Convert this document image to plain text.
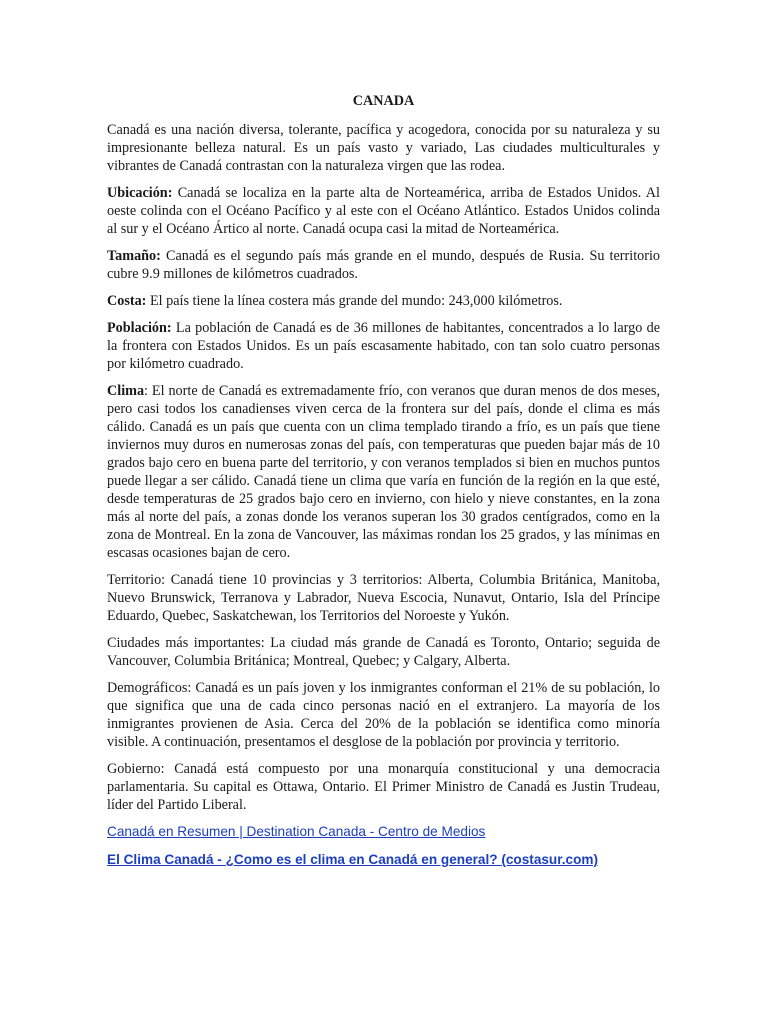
CANADA

Canadá es una nación diversa, tolerante, pacífica y acogedora, conocida por su naturaleza y su impresionante belleza natural. Es un país vasto y variado, Las ciudades multiculturales y vibrantes de Canadá contrastan con la naturaleza virgen que las rodea.

Ubicación: Canadá se localiza en la parte alta de Norteamérica, arriba de Estados Unidos. Al oeste colinda con el Océano Pacífico y al este con el Océano Atlántico. Estados Unidos colinda al sur y el Océano Ártico al norte. Canadá ocupa casi la mitad de Norteamérica.

Tamaño: Canadá es el segundo país más grande en el mundo, después de Rusia. Su territorio cubre 9.9 millones de kilómetros cuadrados.

Costa: El país tiene la línea costera más grande del mundo: 243,000 kilómetros.

Población: La población de Canadá es de 36 millones de habitantes, concentrados a lo largo de la frontera con Estados Unidos. Es un país escasamente habitado, con tan solo cuatro personas por kilómetro cuadrado.

Clima: El norte de Canadá es extremadamente frío, con veranos que duran menos de dos meses, pero casi todos los canadienses viven cerca de la frontera sur del país, donde el clima es más cálido. Canadá es un país que cuenta con un clima templado tirando a frío, es un país que tiene inviernos muy duros en numerosas zonas del país, con temperaturas que pueden bajar más de 10 grados bajo cero en buena parte del territorio, y con veranos templados si bien en muchos puntos puede llegar a ser cálido. Canadá tiene un clima que varía en función de la región en la que esté, desde temperaturas de 25 grados bajo cero en invierno, con hielo y nieve constantes, en la zona más al norte del país, a zonas donde los veranos superan los 30 grados centígrados, como en la zona de Montreal. En la zona de Vancouver, las máximas rondan los 25 grados, y las mínimas en escasas ocasiones bajan de cero.

Territorio: Canadá tiene 10 provincias y 3 territorios: Alberta, Columbia Británica, Manitoba, Nuevo Brunswick, Terranova y Labrador, Nueva Escocia, Nunavut, Ontario, Isla del Príncipe Eduardo, Quebec, Saskatchewan, los Territorios del Noroeste y Yukón.

Ciudades más importantes: La ciudad más grande de Canadá es Toronto, Ontario; seguida de Vancouver, Columbia Británica; Montreal, Quebec; y Calgary, Alberta.

Demográficos: Canadá es un país joven y los inmigrantes conforman el 21% de su población, lo que significa que una de cada cinco personas nació en el extranjero. La mayoría de los inmigrantes provienen de Asia. Cerca del 20% de la población se identifica como minoría visible. A continuación, presentamos el desglose de la población por provincia y territorio.

Gobierno: Canadá está compuesto por una monarquía constitucional y una democracia parlamentaria. Su capital es Ottawa, Ontario. El Primer Ministro de Canadá es Justin Trudeau, líder del Partido Liberal.

Canadá en Resumen | Destination Canada - Centro de Medios

El Clima Canadá - ¿Como es el clima en Canadá en general? (costasur.com)
